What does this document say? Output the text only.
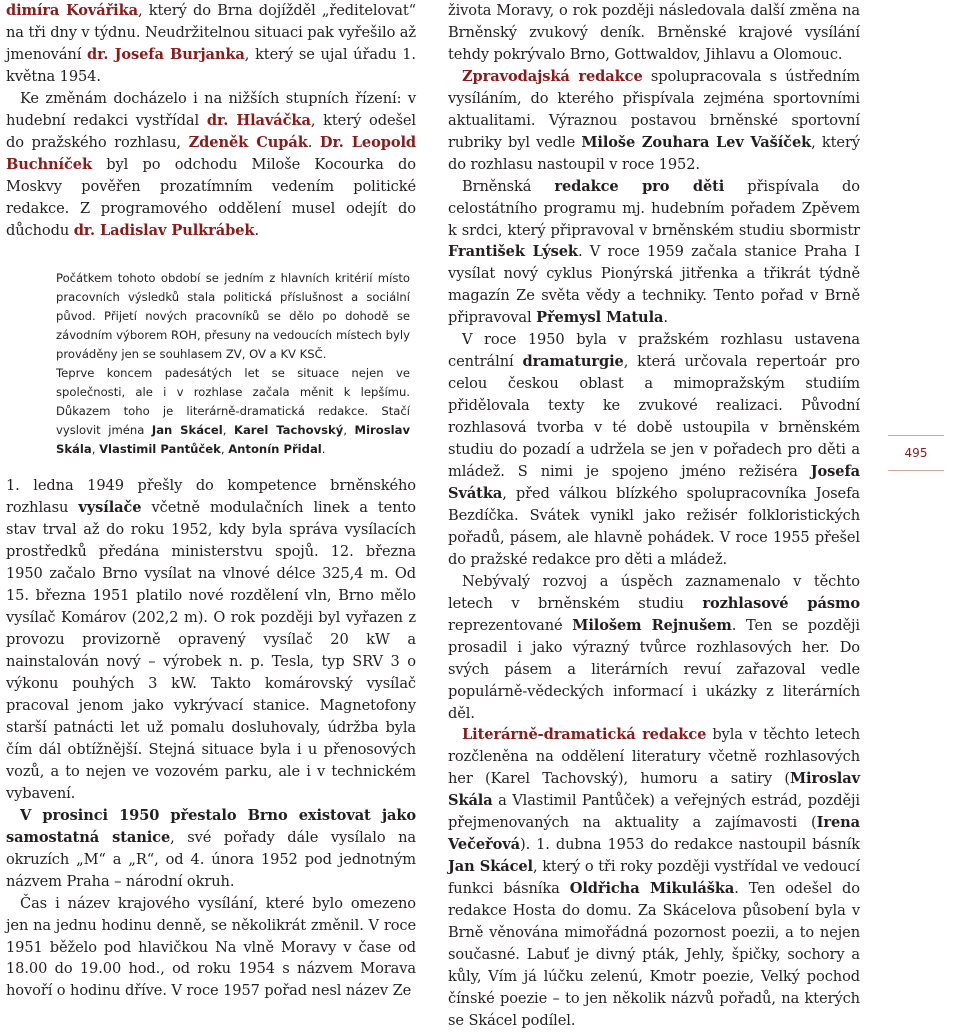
dimíra Kovářika, který do Brna dojížděl „ředitelovat“ na tři dny v týdnu. Neudržitelnou situaci pak vyřešilo až jmenování dr. Josefa Burjanka, který se ujal úřadu 1. května 1954.

Ke změnám docházelo i na nižších stupních řízení: v hudební redakci vystřídal dr. Hlaváčka, který odešel do pražského rozhlasu, Zdeněk Cupák. Dr. Leopold Buchníček byl po odchodu Miloše Kocourka do Moskvy pověřen prozatímním vedením politické redakce. Z programového oddělení musel odejít do důchodu dr. Ladislav Pulkrábek.

Počátkem tohoto období se jedním z hlavních kritérií místo pracovních výsledků stala politická příslušnost a sociální původ. Přijetí nových pracovníků se dělo po dohodě se závodním výborem ROH, přesuny na vedoucích místech byly prováděny jen se souhlasem ZV, OV a KV KSČ.

Teprve koncem padesátých let se situace nejen ve společnosti, ale i v rozhlase začala měnit k lepšímu. Důkazem toho je literárně-dramatická redakce. Stačí vyslovit jména Jan Skácel, Karel Tachovský, Miroslav Skála, Vlastimil Pantůček, Antonín Přidal.

1. ledna 1949 přešly do kompetence brněnského rozhlasu vysílače včetně modulačních linek a tento stav trval až do roku 1952, kdy byla správa vysílacích prostředků předána ministerstvu spojů. 12. března 1950 začalo Brno vysílat na vlnové délce 325,4 m. Od 15. března 1951 platilo nové rozdělení vln, Brno mělo vysílač Komárov (202,2 m). O rok později byl vyřazen z provozu provizorně opravený vysílač 20 kW a nainstalován nový – výrobek n. p. Tesla, typ SRV 3 o výkonu pouhých 3 kW. Takto komárovský vysílač pracoval jenom jako vykrývací stanice. Magnetofony starší patnácti let už pomalu dosluhovaly, údržba byla čím dál obtížnější. Stejná situace byla i u přenosových vozů, a to nejen ve vozovém parku, ale i v technickém vybavení.

V prosinci 1950 přestalo Brno existovat jako samostatná stanice, své pořady dále vysílalo na okruzích „M“ a „R“, od 4. února 1952 pod jednotným názvem Praha – národní okruh.

Čas i název krajového vysílání, které bylo omezeno jen na jednu hodinu denně, se několikrát změnil. V roce 1951 běželo pod hlavičkou Na vlně Moravy v čase od 18.00 do 19.00 hod., od roku 1954 s názvem Morava hovoří o hodinu dříve. V roce 1957 pořad nesl název Ze

života Moravy, o rok později následovala další změna na Brněnský zvukový deník. Brněnské krajové vysílání tehdy pokrývalo Brno, Gottwaldov, Jihlavu a Olomouc.

Zpravodajská redakce spolupracovala s ústředním vysíláním, do kterého přispívala zejména sportovními aktualitami. Výraznou postavou brněnské sportovní rubriky byl vedle Miloše Zouhara Lev Vašíček, který do rozhlasu nastoupil v roce 1952.

Brněnská redakce pro děti přispívala do celostátního programu mj. hudebním pořadem Zpěvem k srdci, který připravoval v brněnském studiu sbormistr František Lýsek. V roce 1959 začala stanice Praha I vysílat nový cyklus Pionýrská jitřenka a třikrát týdně magazín Ze světa vědy a techniky. Tento pořad v Brně připravoval Přemysl Matula.

V roce 1950 byla v pražském rozhlasu ustavena centrální dramaturgie, která určovala repertoár pro celou českou oblast a mimopražským studiím přidělovala texty ke zvukové realizaci. Původní rozhlasová tvorba v té době ustoupila v brněnském studiu do pozadí a udržela se jen v pořadech pro děti a mládež. S nimi je spojeno jméno režiséra Josefa Svátka, před válkou blízkého spolupracovníka Josefa Bezdíčka. Svátek vynikl jako režisér folkloristických pořadů, pásem, ale hlavně pohádek. V roce 1955 přešel do pražské redakce pro děti a mládež.

Nebývalý rozvoj a úspěch zaznamenalo v těchto letech v brněnském studiu rozhlasové pásmo reprezentované Milošem Rejnušem. Ten se později prosadil i jako výrazný tvůrce rozhlasových her. Do svých pásem a literárních revuí zařazoval vedle populárně-vědeckých informací i ukázky z literárních děl.

Literárně-dramatická redakce byla v těchto letech rozčleněna na oddělení literatury včetně rozhlasových her (Karel Tachovský), humoru a satiry (Miroslav Skála a Vlastimil Pantůček) a veřejných estrád, později přejmenovaných na aktuality a zajímavosti (Irena Večeřová). 1. dubna 1953 do redakce nastoupil básník Jan Skácel, který o tři roky později vystřídal ve vedoucí funkci básníka Oldřicha Mikuláška. Ten odešel do redakce Hosta do domu. Za Skácelova působení byla v Brně věnována mimořádná pozornost poezii, a to nejen současné. Labuť je divný pták, Jehly, špičky, sochory a kůly, Vím já lúčku zelenú, Kmotr poezie, Velký pochod čínské poezie – to jen několik názvů pořadů, na kterých se Skácel podílel.

495
